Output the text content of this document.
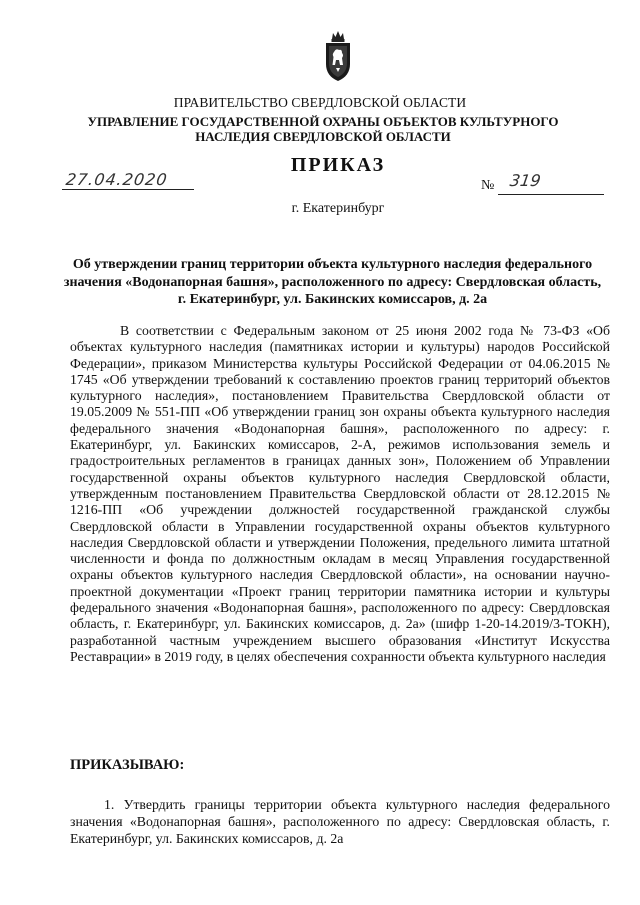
ПРАВИТЕЛЬСТВО СВЕРДЛОВСКОЙ ОБЛАСТИ
УПРАВЛЕНИЕ ГОСУДАРСТВЕННОЙ ОХРАНЫ ОБЪЕКТОВ КУЛЬТУРНОГО НАСЛЕДИЯ СВЕРДЛОВСКОЙ ОБЛАСТИ
ПРИКАЗ
27.04.2020	№ 319
г. Екатеринбург
Об утверждении границ территории объекта культурного наследия федерального значения «Водонапорная башня», расположенного по адресу: Свердловская область, г. Екатеринбург, ул. Бакинских комиссаров, д. 2а
В соответствии с Федеральным законом от 25 июня 2002 года № 73-ФЗ «Об объектах культурного наследия (памятниках истории и культуры) народов Российской Федерации», приказом Министерства культуры Российской Федерации от 04.06.2015 № 1745 «Об утверждении требований к составлению проектов границ территорий объектов культурного наследия», постановлением Правительства Свердловской области от 19.05.2009 № 551-ПП «Об утверждении границ зон охраны объекта культурного наследия федерального значения «Водонапорная башня», расположенного по адресу: г. Екатеринбург, ул. Бакинских комиссаров, 2-А, режимов использования земель и градостроительных регламентов в границах данных зон», Положением об Управлении государственной охраны объектов культурного наследия Свердловской области, утвержденным постановлением Правительства Свердловской области от 28.12.2015 № 1216-ПП «Об учреждении должностей государственной гражданской службы Свердловской области в Управлении государственной охраны объектов культурного наследия Свердловской области и утверждении Положения, предельного лимита штатной численности и фонда по должностным окладам в месяц Управления государственной охраны объектов культурного наследия Свердловской области», на основании научно-проектной документации «Проект границ территории памятника истории и культуры федерального значения «Водонапорная башня», расположенного по адресу: Свердловская область, г. Екатеринбург, ул. Бакинских комиссаров, д. 2а» (шифр 1-20-14.2019/3-ТОКН), разработанной частным учреждением высшего образования «Институт Искусства Реставрации» в 2019 году, в целях обеспечения сохранности объекта культурного наследия
ПРИКАЗЫВАЮ:
1. Утвердить границы территории объекта культурного наследия федерального значения «Водонапорная башня», расположенного по адресу: Свердловская область, г. Екатеринбург, ул. Бакинских комиссаров, д. 2а
